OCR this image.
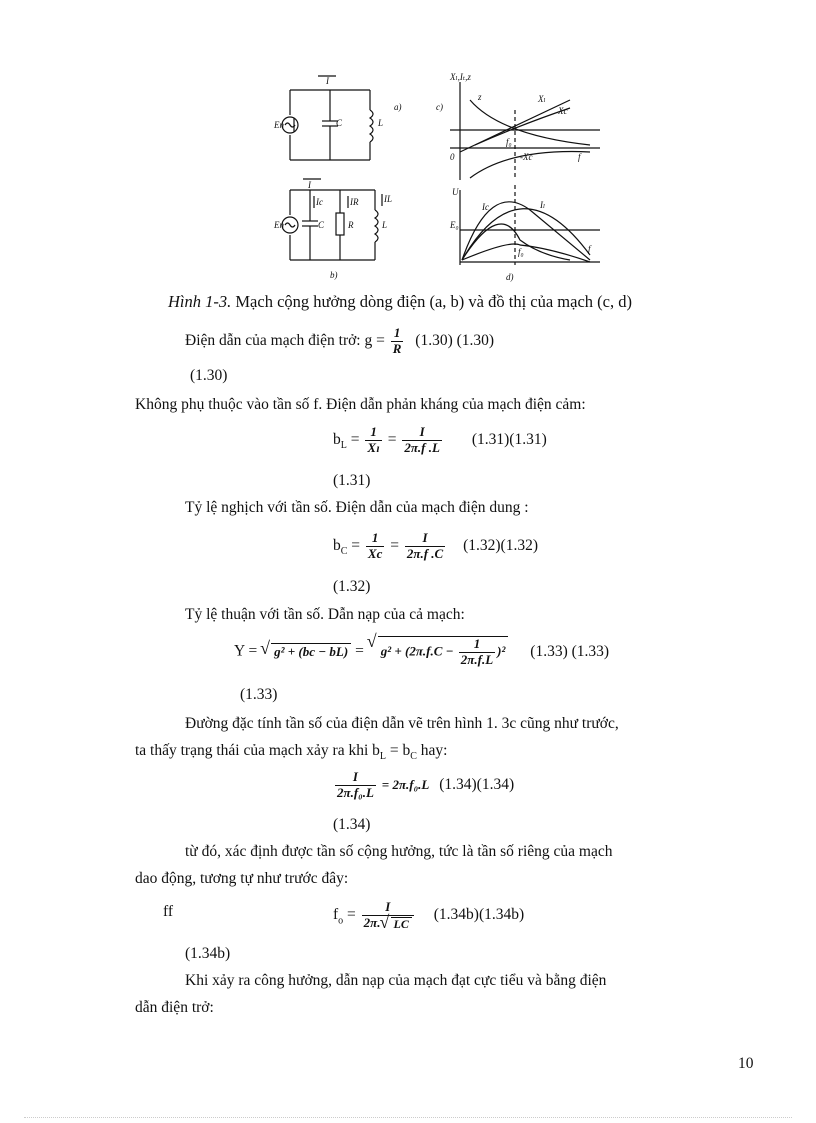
En	C	L
I
a)
En	C	R	L
I
Ic	IR	IL
b)
Xₗ,Iₜ,z
c)
z	Xₗ
Xc
-Xc
f₀
f
0
U
E₀
Ic	Iₗ
f₀	f
d)
Hình 1-3. Mạch cộng hưởng dòng điện (a, b) và đồ thị của mạch (c, d)
Điện dẫn của mạch điện trở: $g = \frac{1}{R} (1.30)$ (1.30)
(1.30)
Không phụ thuộc vào tần số f. Điện dẫn phản kháng của mạch điện cảm:
$b_L = \frac{1}{\text{Xₗ}} = \frac{I}{2\pi.f .L} (1.31)(1.31)$
(1.31)
Tỷ lệ nghịch với tần số. Điện dẫn của mạch điện dung :
$b_C = \frac{1}{Xc} = \frac{I}{2\pi.f .C} (1.32)(1.32)$
(1.32)
Tỷ lệ thuận với tần số. Dẫn nạp của cả mạch:
Y = √ g² + (bc − bL) = √ $g^2 + (2\pi.f.C - \frac{1}{2\pi.f.L} )^2$ (1.33) (1.33)
(1.33)
Đường đặc tính tần số của điện dẫn vẽ trên hình 1. 3c cũng như trước,
ta thấy trạng thái của mạch xảy ra khi $b_L = b_C$ hay:
$\frac{I}{\text{2π.f₀.L}} = 2\pi.f_0.L$ (1.34)(1.34)
(1.34)
từ đó, xác định được tần số cộng hưởng, tức là tần số riêng của mạch
dao động, tương tự như trước đây:
ff	$f_o = \frac{I}{2\pi. √ LC} (1.34b)(1.34b)$
(1.34b)
Khi xảy ra công hưởng, dẫn nạp của mạch đạt cực tiểu và bằng điện
dẫn điện trở:
10
